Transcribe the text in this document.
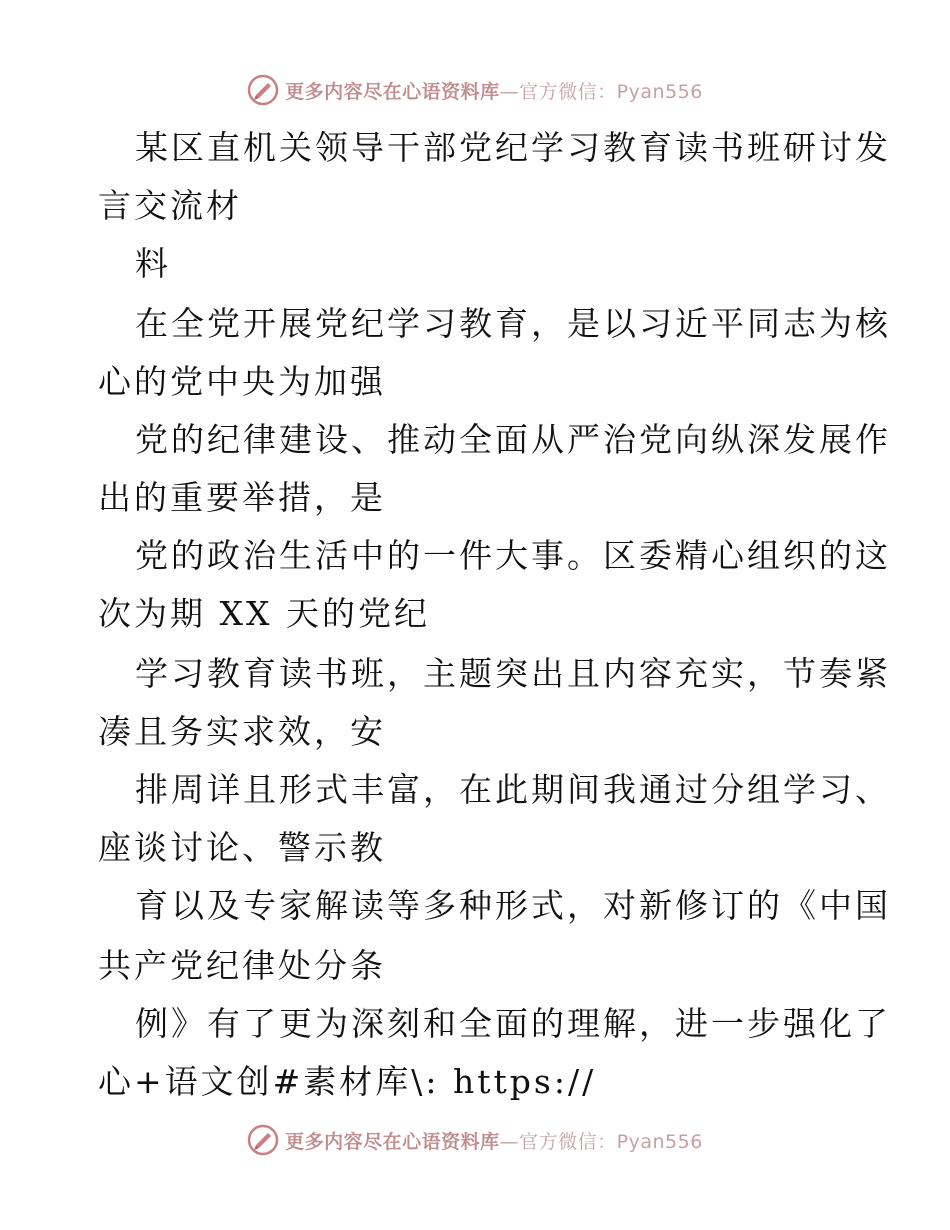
更多内容尽在心语资料库—官方微信：Pyan556
某区直机关领导干部党纪学习教育读书班研讨发
言交流材
料
在全党开展党纪学习教育，是以习近平同志为核
心的党中央为加强
党的纪律建设、推动全面从严治党向纵深发展作
出的重要举措，是
党的政治生活中的一件大事。区委精心组织的这
次为期 XX 天的党纪
学习教育读书班，主题突出且内容充实，节奏紧
凑且务实求效，安
排周详且形式丰富，在此期间我通过分组学习、
座谈讨论、警示教
育以及专家解读等多种形式，对新修订的《中国
共产党纪律处分条
例》有了更为深刻和全面的理解，进一步强化了
心+语文创#素材库\: https://
更多内容尽在心语资料库—官方微信：Pyan556
